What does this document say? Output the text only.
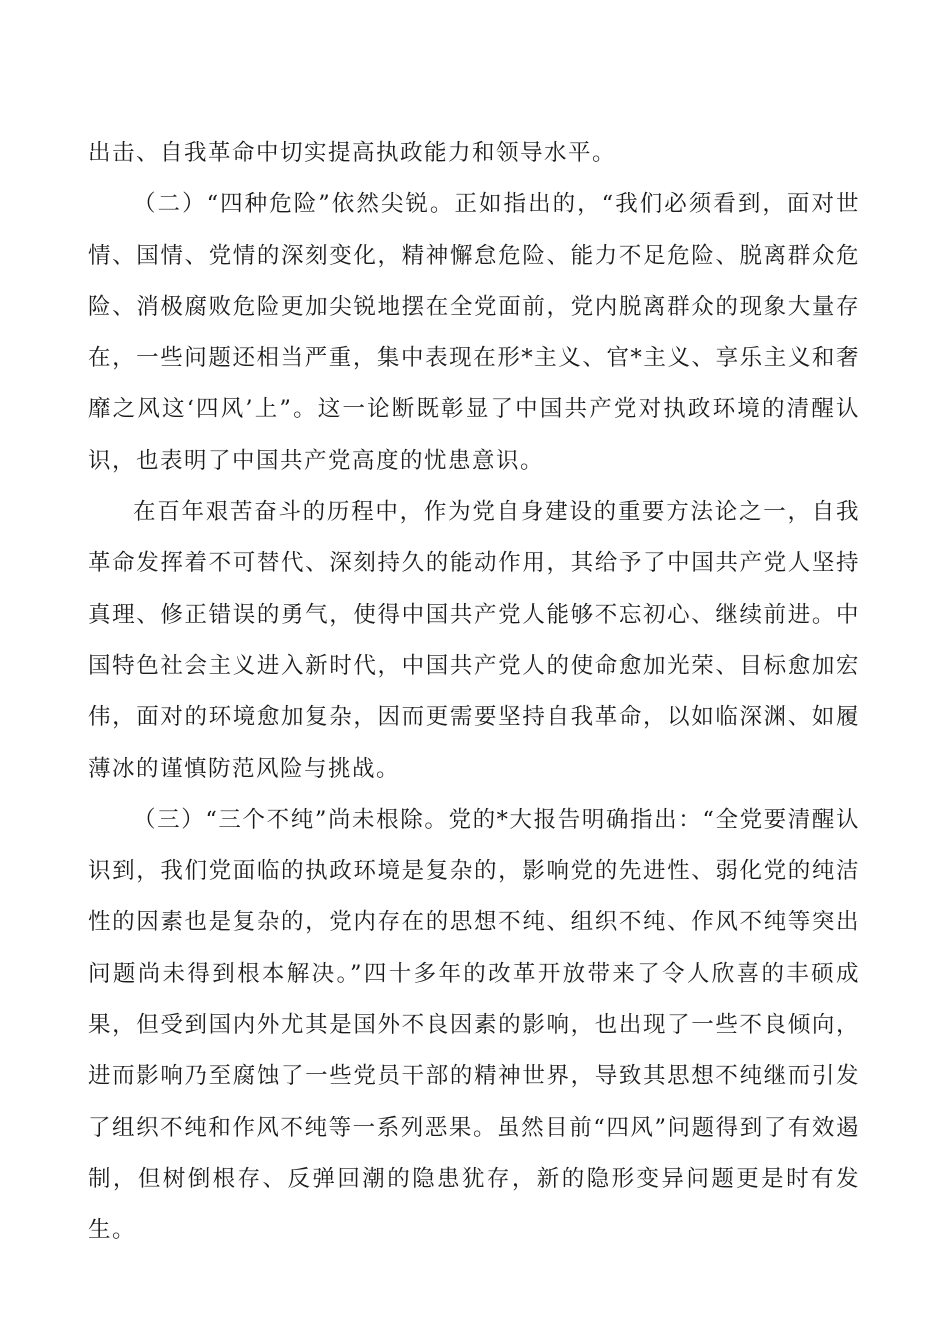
出击、自我革命中切实提高执政能力和领导水平。

（二）“四种危险”依然尖锐。正如指出的，“我们必须看到，面对世情、国情、党情的深刻变化，精神懈怠危险、能力不足危险、脱离群众危险、消极腐败危险更加尖锐地摆在全党面前，党内脱离群众的现象大量存在，一些问题还相当严重，集中表现在形*主义、官*主义、享乐主义和奢靡之风这‘四风’上”。这一论断既彰显了中国共产党对执政环境的清醒认识，也表明了中国共产党高度的忧患意识。

在百年艰苦奋斗的历程中，作为党自身建设的重要方法论之一，自我革命发挥着不可替代、深刻持久的能动作用，其给予了中国共产党人坚持真理、修正错误的勇气，使得中国共产党人能够不忘初心、继续前进。中国特色社会主义进入新时代，中国共产党人的使命愈加光荣、目标愈加宏伟，面对的环境愈加复杂，因而更需要坚持自我革命，以如临深渊、如履薄冰的谨慎防范风险与挑战。

（三）“三个不纯”尚未根除。党的*大报告明确指出：“全党要清醒认识到，我们党面临的执政环境是复杂的，影响党的先进性、弱化党的纯洁性的因素也是复杂的，党内存在的思想不纯、组织不纯、作风不纯等突出问题尚未得到根本解决。”四十多年的改革开放带来了令人欣喜的丰硕成果，但受到国内外尤其是国外不良因素的影响，也出现了一些不良倾向，进而影响乃至腐蚀了一些党员干部的精神世界，导致其思想不纯继而引发了组织不纯和作风不纯等一系列恶果。虽然目前“四风”问题得到了有效遏制，但树倒根存、反弹回潮的隐患犹存，新的隐形变异问题更是时有发生。
